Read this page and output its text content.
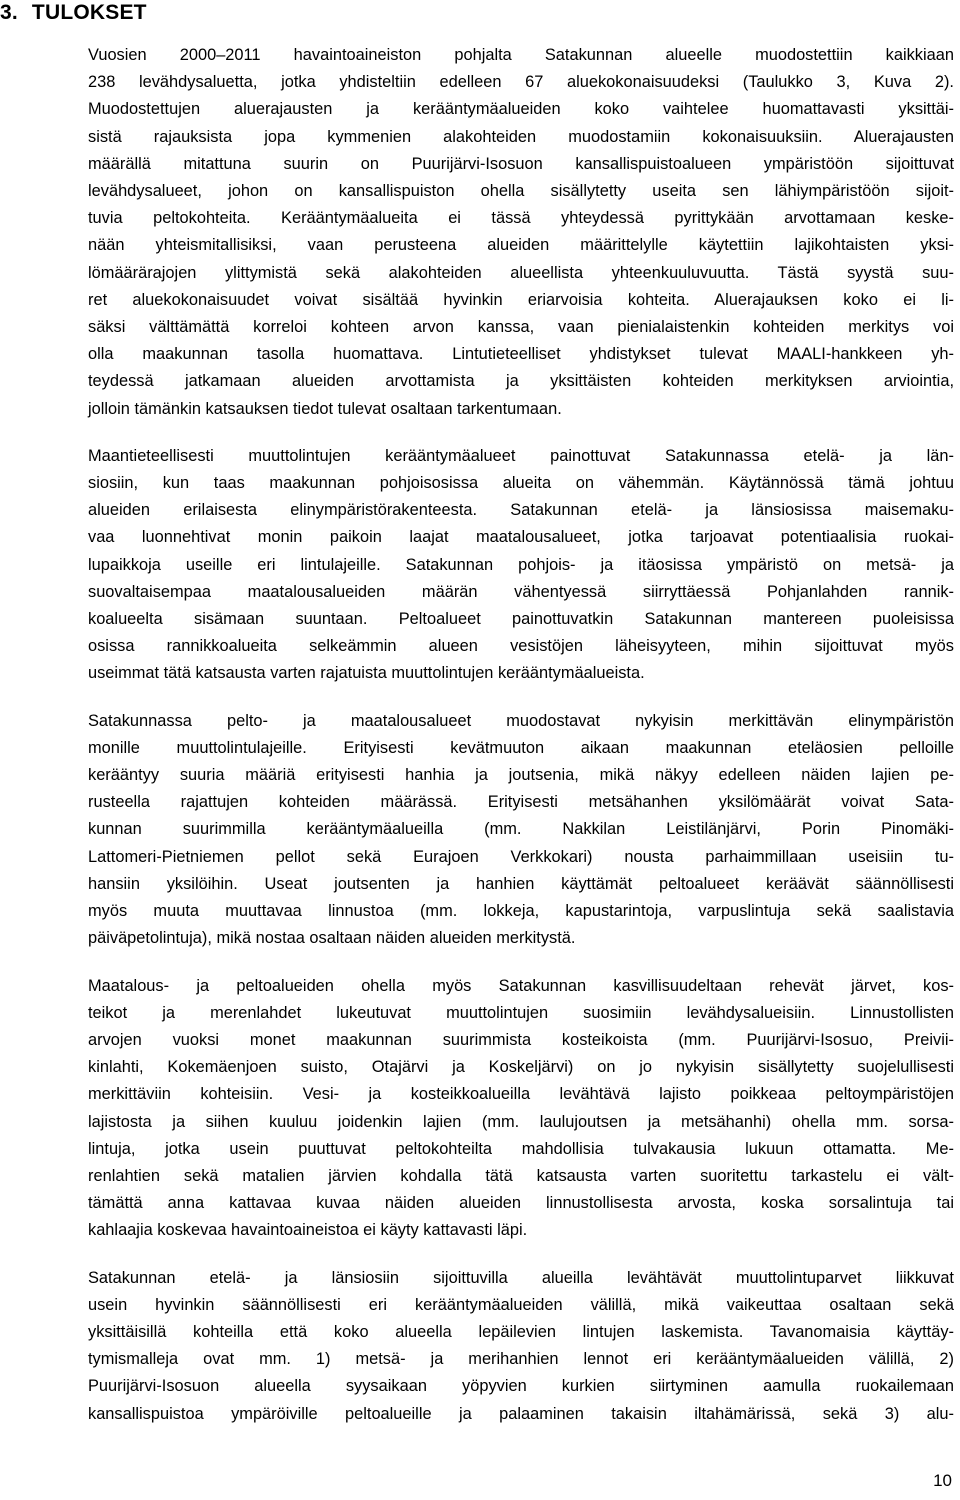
3. TULOKSET

Vuosien 2000–2011 havaintoaineiston pohjalta Satakunnan alueelle muodostettiin kaikkiaan
238 levähdysaluetta, jotka yhdisteltiin edelleen 67 aluekokonaisuudeksi (Taulukko 3, Kuva 2).
Muodostettujen aluerajausten ja kerääntymäalueiden koko vaihtelee huomattavasti yksittäi-
sistä rajauksista jopa kymmenien alakohteiden muodostamiin kokonaisuuksiin. Aluerajausten
määrällä mitattuna suurin on Puurijärvi-Isosuon kansallispuistoalueen ympäristöön sijoittuvat
levähdysalueet, johon on kansallispuiston ohella sisällytetty useita sen lähiympäristöön sijoit-
tuvia peltokohteita. Kerääntymäalueita ei tässä yhteydessä pyrittykään arvottamaan keske-
nään yhteismitallisiksi, vaan perusteena alueiden määrittelylle käytettiin lajikohtaisten yksi-
lömäärärajojen ylittymistä sekä alakohteiden alueellista yhteenkuuluvuutta. Tästä syystä suu-
ret aluekokonaisuudet voivat sisältää hyvinkin eriarvoisia kohteita. Aluerajauksen koko ei li-
säksi välttämättä korreloi kohteen arvon kanssa, vaan pienialaistenkin kohteiden merkitys voi
olla maakunnan tasolla huomattava. Lintutieteelliset yhdistykset tulevat MAALI-hankkeen yh-
teydessä jatkamaan alueiden arvottamista ja yksittäisten kohteiden merkityksen arviointia,
jolloin tämänkin katsauksen tiedot tulevat osaltaan tarkentumaan.

Maantieteellisesti muuttolintujen kerääntymäalueet painottuvat Satakunnassa etelä- ja län-
siosiin, kun taas maakunnan pohjoisosissa alueita on vähemmän. Käytännössä tämä johtuu
alueiden erilaisesta elinympäristörakenteesta. Satakunnan etelä- ja länsiosissa maisemaku-
vaa luonnehtivat monin paikoin laajat maatalousalueet, jotka tarjoavat potentiaalisia ruokai-
lupaikkoja useille eri lintulajeille. Satakunnan pohjois- ja itäosissa ympäristö on metsä- ja
suovaltaisempaa maatalousalueiden määrän vähentyessä siirryttäessä Pohjanlahden rannik-
koalueelta sisämaan suuntaan. Peltoalueet painottuvatkin Satakunnan mantereen puoleisissa
osissa rannikkoalueita selkeämmin alueen vesistöjen läheisyyteen, mihin sijoittuvat myös
useimmat tätä katsausta varten rajatuista muuttolintujen kerääntymäalueista.

Satakunnassa pelto- ja maatalousalueet muodostavat nykyisin merkittävän elinympäristön
monille muuttolintulajeille. Erityisesti kevätmuuton aikaan maakunnan eteläosien pelloille
kerääntyy suuria määriä erityisesti hanhia ja joutsenia, mikä näkyy edelleen näiden lajien pe-
rusteella rajattujen kohteiden määrässä. Erityisesti metsähanhen yksilömäärät voivat Sata-
kunnan suurimmilla kerääntymäalueilla (mm. Nakkilan Leistilänjärvi, Porin Pinomäki-
Lattomeri-Pietniemen pellot sekä Eurajoen Verkkokari) nousta parhaimmillaan useisiin tu-
hansiin yksilöihin. Useat joutsenten ja hanhien käyttämät peltoalueet keräävät säännöllisesti
myös muuta muuttavaa linnustoa (mm. lokkeja, kapustarintoja, varpuslintuja sekä saalistavia
päiväpetolintuja), mikä nostaa osaltaan näiden alueiden merkitystä.

Maatalous- ja peltoalueiden ohella myös Satakunnan kasvillisuudeltaan rehevät järvet, kos-
teikot ja merenlahdet lukeutuvat muuttolintujen suosimiin levähdysalueisiin. Linnustollisten
arvojen vuoksi monet maakunnan suurimmista kosteikoista (mm. Puurijärvi-Isosuo, Preivii-
kinlahti, Kokemäenjoen suisto, Otajärvi ja Koskeljärvi) on jo nykyisin sisällytetty suojelullisesti
merkittäviin kohteisiin. Vesi- ja kosteikkoalueilla levähtävä lajisto poikkeaa peltoympäristöjen
lajistosta ja siihen kuuluu joidenkin lajien (mm. laulujoutsen ja metsähanhi) ohella mm. sorsa-
lintuja, jotka usein puuttuvat peltokohteilta mahdollisia tulvakausia lukuun ottamatta. Me-
renlahtien sekä matalien järvien kohdalla tätä katsausta varten suoritettu tarkastelu ei vält-
tämättä anna kattavaa kuvaa näiden alueiden linnustollisesta arvosta, koska sorsalintuja tai
kahlaajia koskevaa havaintoaineistoa ei käyty kattavasti läpi.

Satakunnan etelä- ja länsiosiin sijoittuvilla alueilla levähtävät muuttolintuparvet liikkuvat
usein hyvinkin säännöllisesti eri kerääntymäalueiden välillä, mikä vaikeuttaa osaltaan sekä
yksittäisillä kohteilla että koko alueella lepäilevien lintujen laskemista. Tavanomaisia käyttäy-
tymismalleja ovat mm. 1) metsä- ja merihanhien lennot eri kerääntymäalueiden välillä, 2)
Puurijärvi-Isosuon alueella syysaikaan yöpyvien kurkien siirtyminen aamulla ruokailemaan
kansallispuistoa ympäröiville peltoalueille ja palaaminen takaisin iltahämärissä, sekä 3) alu-

10
